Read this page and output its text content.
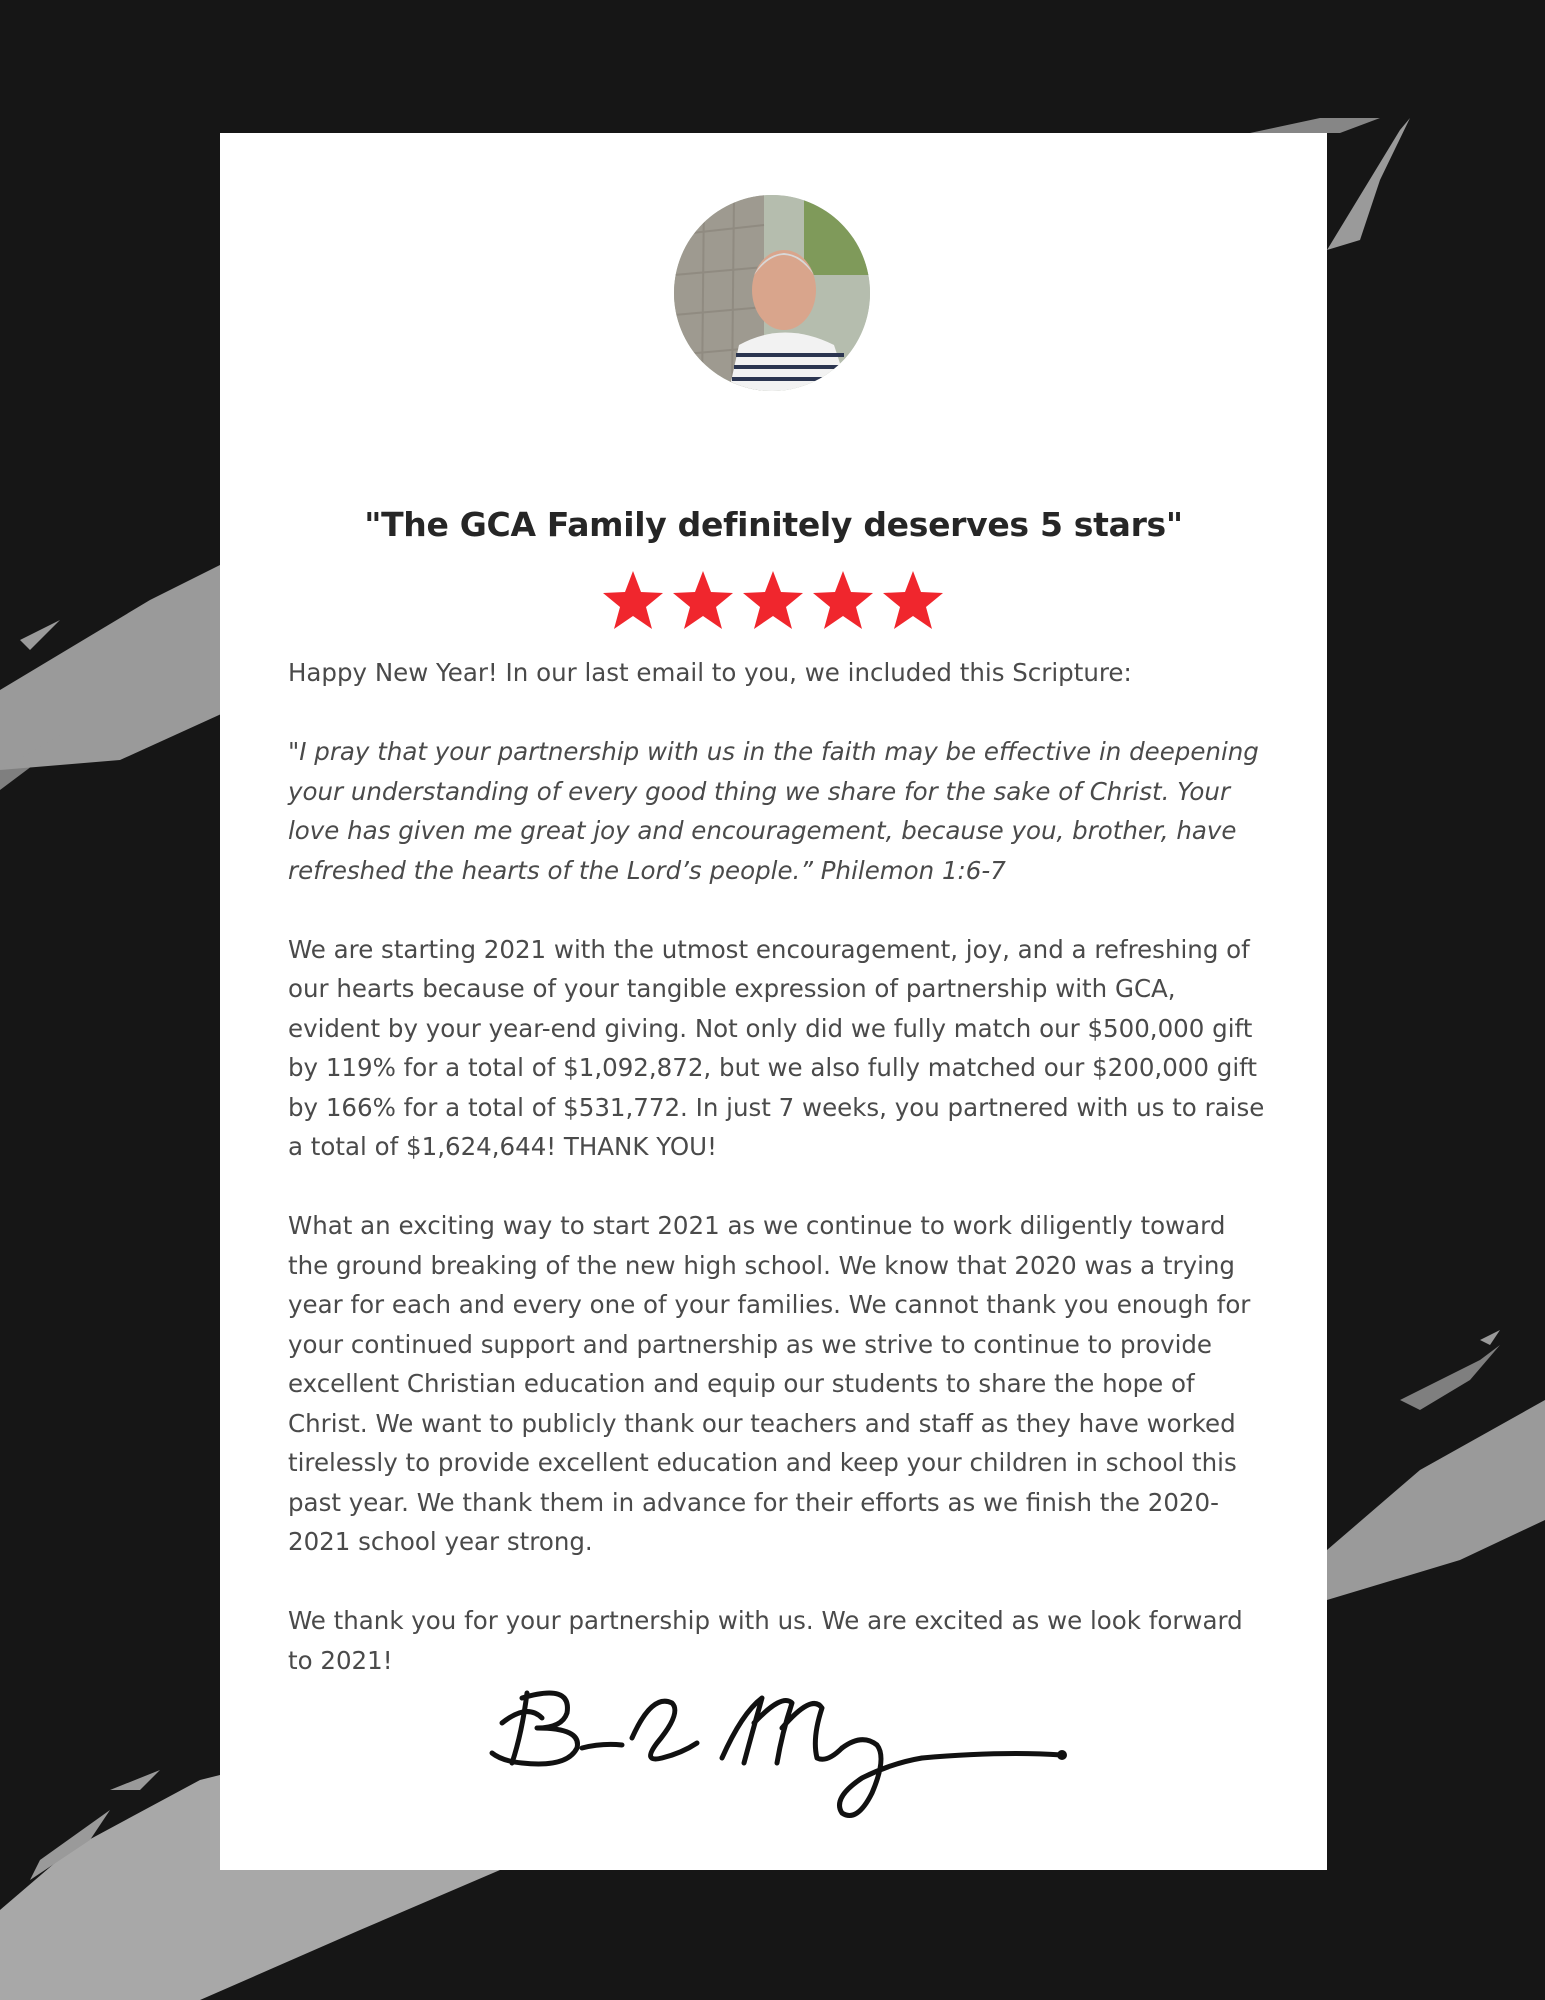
"The GCA Family definitely deserves 5 stars"

Happy New Year! In our last email to you, we included this Scripture:

"I pray that your partnership with us in the faith may be effective in deepening your understanding of every good thing we share for the sake of Christ. Your love has given me great joy and encouragement, because you, brother, have refreshed the hearts of the Lord’s people.” Philemon 1:6-7

We are starting 2021 with the utmost encouragement, joy, and a refreshing of our hearts because of your tangible expression of partnership with GCA, evident by your year-end giving. Not only did we fully match our $500,000 gift by 119% for a total of $1,092,872, but we also fully matched our $200,000 gift by 166% for a total of $531,772. In just 7 weeks, you partnered with us to raise a total of $1,624,644! THANK YOU!

What an exciting way to start 2021 as we continue to work diligently toward the ground breaking of the new high school. We know that 2020 was a trying year for each and every one of your families. We cannot thank you enough for your continued support and partnership as we strive to continue to provide excellent Christian education and equip our students to share the hope of Christ. We want to publicly thank our teachers and staff as they have worked tirelessly to provide excellent education and keep your children in school this past year. We thank them in advance for their efforts as we finish the 2020-2021 school year strong.

We thank you for your partnership with us. We are excited as we look forward to 2021!
